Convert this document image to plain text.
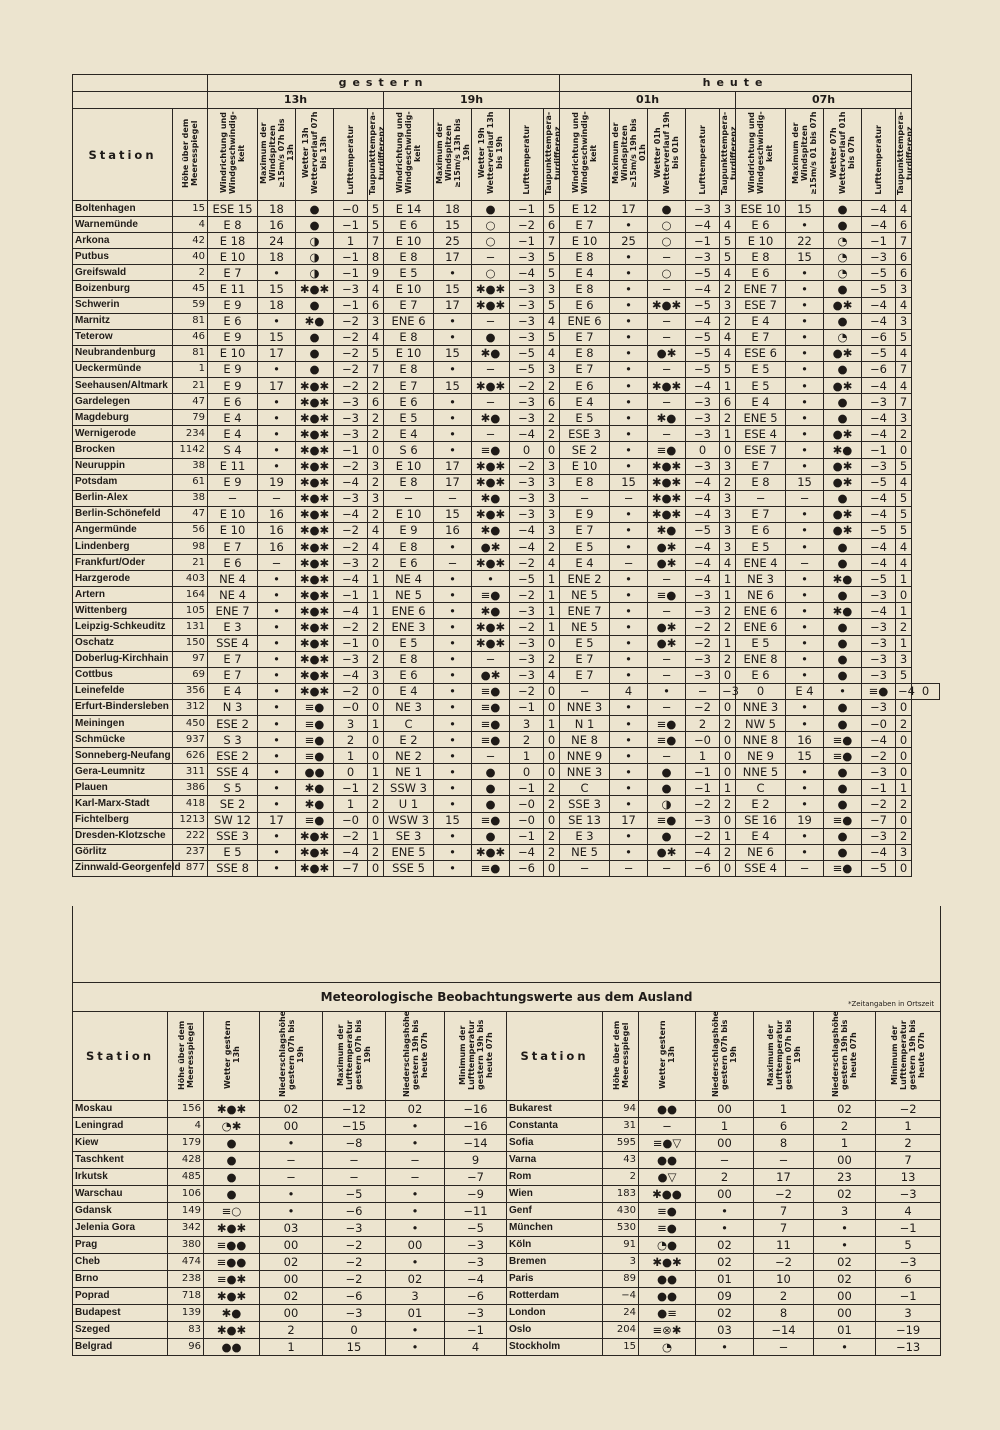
		gestern										heute										
		13h					19h					01h					07h					
Station	Höhe über dem Meeresspiegel	Windrichtung und Windgeschwindig-keit	Maximum der Windspitzen ≥15m/s 07h bis 13h	Wetter 13h Wetterverlauf 07h bis 13h	Lufttemperatur	Taupunkttempera-turdifferenz	Windrichtung und Windgeschwindig-keit	Maximum der Windspitzen ≥15m/s 13h bis 19h	Wetter 19h Wetterverlauf 13h bis 19h	Lufttemperatur	Taupunkttempera-turdifferenz	Windrichtung und Windgeschwindig-keit	Maximum der Windspitzen ≥15m/s 19h bis 01h	Wetter 01h Wetterverlauf 19h bis 01h	Lufttemperatur	Taupunkttempera-turdifferenz	Windrichtung und Windgeschwindig-keit	Maximum der Windspitzen ≥15m/s 01 bis 07h	Wetter 07h Wetterverlauf 01h bis 07h	Lufttemperatur	Taupunkttempera-turdifferenz	
Boltenhagen	15	ESE 15	18	●	−0	5	E 14	18	●	−1	5	E 12	17	●	−3	3	ESE 10	15	●	−4	4	
Warnemünde	4	E 8	16	●	−1	5	E 6	15	○	−2	6	E 7	•	○	−4	4	E 6	•	●	−4	6	
Arkona	42	E 18	24	◑	1	7	E 10	25	○	−1	7	E 10	25	○	−1	5	E 10	22	◔	−1	7	
Putbus	40	E 10	18	◑	−1	8	E 8	17	−	−3	5	E 8	•	−	−3	5	E 8	15	◔	−3	6	
Greifswald	2	E 7	•	◑	−1	9	E 5	•	○	−4	5	E 4	•	○	−5	4	E 6	•	◔	−5	6	
Boizenburg	45	E 11	15	✱●✱	−3	4	E 10	15	✱●✱	−3	3	E 8	•	−	−4	2	ENE 7	•	●	−5	3	
Schwerin	59	E 9	18	●	−1	6	E 7	17	✱●✱	−3	5	E 6	•	✱●✱	−5	3	ESE 7	•	●✱	−4	4	
Marnitz	81	E 6	•	✱●	−2	3	ENE 6	•	−	−3	4	ENE 6	•	−	−4	2	E 4	•	●	−4	3	
Teterow	46	E 9	15	●	−2	4	E 8	•	●	−3	5	E 7	•	−	−5	4	E 7	•	◔	−6	5	
Neubrandenburg	81	E 10	17	●	−2	5	E 10	15	✱●	−5	4	E 8	•	●✱	−5	4	ESE 6	•	●✱	−5	4	
Ueckermünde	1	E 9	•	●	−2	7	E 8	•	−	−5	3	E 7	•	−	−5	5	E 5	•	●	−6	7	
Seehausen/Altmark	21	E 9	17	✱●✱	−2	2	E 7	15	✱●✱	−2	2	E 6	•	✱●✱	−4	1	E 5	•	●✱	−4	4	
Gardelegen	47	E 6	•	✱●✱	−3	6	E 6	•	−	−3	6	E 4	•	−	−3	6	E 4	•	●	−3	7	
Magdeburg	79	E 4	•	✱●✱	−3	2	E 5	•	✱●	−3	2	E 5	•	✱●	−3	2	ENE 5	•	●	−4	3	
Wernigerode	234	E 4	•	✱●✱	−3	2	E 4	•	−	−4	2	ESE 3	•	−	−3	1	ESE 4	•	●✱	−4	2	
Brocken	1142	S 4	•	✱●✱	−1	0	S 6	•	≡●	0	0	SE 2	•	≡●	0	0	ESE 7	•	✱●	−1	0	
Neuruppin	38	E 11	•	✱●✱	−2	3	E 10	17	✱●✱	−2	3	E 10	•	✱●✱	−3	3	E 7	•	●✱	−3	5	
Potsdam	61	E 9	19	✱●✱	−4	2	E 8	17	✱●✱	−3	3	E 8	15	✱●✱	−4	2	E 8	15	●✱	−5	4	
Berlin-Alex	38	−	−	✱●✱	−3	3	−	−	✱●	−3	3	−	−	✱●✱	−4	3	−	−	●	−4	5	
Berlin-Schönefeld	47	E 10	16	✱●✱	−4	2	E 10	15	✱●✱	−3	3	E 9	•	✱●✱	−4	3	E 7	•	●✱	−4	5	
Angermünde	56	E 10	16	✱●✱	−2	4	E 9	16	✱●	−4	3	E 7	•	✱●	−5	3	E 6	•	●✱	−5	5	
Lindenberg	98	E 7	16	✱●✱	−2	4	E 8	•	●✱	−4	2	E 5	•	●✱	−4	3	E 5	•	●	−4	4	
Frankfurt/Oder	21	E 6	−	✱●✱	−3	2	E 6	−	✱●✱	−2	4	E 4	−	●✱	−4	4	ENE 4	−	●	−4	4	
Harzgerode	403	NE 4	•	✱●✱	−4	1	NE 4	•	•	−5	1	ENE 2	•	−	−4	1	NE 3	•	✱●	−5	1	
Artern	164	NE 4	•	✱●✱	−1	1	NE 5	•	≡●	−2	1	NE 5	•	≡●	−3	1	NE 6	•	●	−3	0	
Wittenberg	105	ENE 7	•	✱●✱	−4	1	ENE 6	•	✱●	−3	1	ENE 7	•	−	−3	2	ENE 6	•	✱●	−4	1	
Leipzig-Schkeuditz	131	E 3	•	✱●✱	−2	2	ENE 3	•	✱●✱	−2	1	NE 5	•	●✱	−2	2	ENE 6	•	●	−3	2	
Oschatz	150	SSE 4	•	✱●✱	−1	0	E 5	•	✱●✱	−3	0	E 5	•	●✱	−2	1	E 5	•	●	−3	1	
Doberlug-Kirchhain	97	E 7	•	✱●✱	−3	2	E 8	•	−	−3	2	E 7	•	−	−3	2	ENE 8	•	●	−3	3	
Cottbus	69	E 7	•	✱●✱	−4	3	E 6	•	●✱	−3	4	E 7	•	−	−3	0	E 6	•	●	−3	5	
Leinefelde	356	E 4	•	✱●✱	−2	0	E 4	•	≡●	−2	0	−	4	•	−	−3	0	E 4	•	≡●	−4	0
Erfurt-Bindersleben	312	N 3	•	≡●	−0	0	NE 3	•	≡●	−1	0	NNE 3	•	−	−2	0	NNE 3	•	●	−3	0	
Meiningen	450	ESE 2	•	≡●	3	1	C	•	≡●	3	1	N 1	•	≡●	2	2	NW 5	•	●	−0	2	
Schmücke	937	S 3	•	≡●	2	0	E 2	•	≡●	2	0	NE 8	•	≡●	−0	0	NNE 8	16	≡●	−4	0	
Sonneberg-Neufang	626	ESE 2	•	≡●	1	0	NE 2	•	−	1	0	NNE 9	•	−	1	0	NE 9	15	≡●	−2	0	
Gera-Leumnitz	311	SSE 4	•	●●	0	1	NE 1	•	●	0	0	NNE 3	•	●	−1	0	NNE 5	•	●	−3	0	
Plauen	386	S 5	•	✱●	−1	2	SSW 3	•	●	−1	2	C	•	●	−1	1	C	•	●	−1	1	
Karl-Marx-Stadt	418	SE 2	•	✱●	1	2	U 1	•	●	−0	2	SSE 3	•	◑	−2	2	E 2	•	●	−2	2	
Fichtelberg	1213	SW 12	17	≡●	−0	0	WSW 3	15	≡●	−0	0	SE 13	17	≡●	−3	0	SE 16	19	≡●	−7	0	
Dresden-Klotzsche	222	SSE 3	•	✱●✱	−2	1	SE 3	•	●	−1	2	E 3	•	●	−2	1	E 4	•	●	−3	2	
Görlitz	237	E 5	•	✱●✱	−4	2	ENE 5	•	✱●✱	−4	2	NE 5	•	●✱	−4	2	NE 6	•	●	−4	3	
Zinnwald-Georgenfeld	877	SSE 8	•	✱●✱	−7	0	SSE 5	•	≡●	−6	0	−	−	−	−6	0	SSE 4	−	≡●	−5	0	
Meteorologische Beobachtungswerte aus dem Ausland *Zeitangaben in Ortszeit													

Station	Höhe über dem Meeresspiegel	Wetter gestern 13h	Niederschlagshöhe gestern 07h bis 19h	Maximum der Lufttemperatur gestern 07h bis 19h	Niederschlagshöhe gestern 19h bis heute 07h	Minimum der Lufttemperatur gestern 19h bis heute 07h	Station	Höhe über dem Meeresspiegel	Wetter gestern 13h	Niederschlagshöhe gestern 07h bis 19h	Maximum der Lufttemperatur gestern 07h bis 19h	Niederschlagshöhe gestern 19h bis heute 07h	Minimum der Lufttemperatur gestern 19h bis heute 07h
Moskau	156	✱●✱	02	−12	02	−16	Bukarest	94	●●	00	1	02	−2
Leningrad	4	◔✱	00	−15	•	−16	Constanta	31	−	1	6	2	1
Kiew	179	●	•	−8	•	−14	Sofia	595	≡●▽	00	8	1	2
Taschkent	428	●	−	−	−	9	Varna	43	●●	−	−	00	7
Irkutsk	485	●	−	−	−	−7	Rom	2	●▽	2	17	23	13
Warschau	106	●	•	−5	•	−9	Wien	183	✱●●	00	−2	02	−3
Gdansk	149	≡○	•	−6	•	−11	Genf	430	≡●	•	7	3	4
Jelenia Gora	342	✱●✱	03	−3	•	−5	München	530	≡●	•	7	•	−1
Prag	380	≡●●	00	−2	00	−3	Köln	91	◔●	02	11	•	5
Cheb	474	≡●●	02	−2	•	−3	Bremen	3	✱●✱	02	−2	02	−3
Brno	238	≡●✱	00	−2	02	−4	Paris	89	●●	01	10	02	6
Poprad	718	✱●✱	02	−6	3	−6	Rotterdam	−4	●●	09	2	00	−1
Budapest	139	✱●	00	−3	01	−3	London	24	●≡	02	8	00	3
Szeged	83	✱●✱	2	0	•	−1	Oslo	204	≡⊗✱	03	−14	01	−19
Belgrad	96	●●	1	15	•	4	Stockholm	15	◔	•	−	•	−13
